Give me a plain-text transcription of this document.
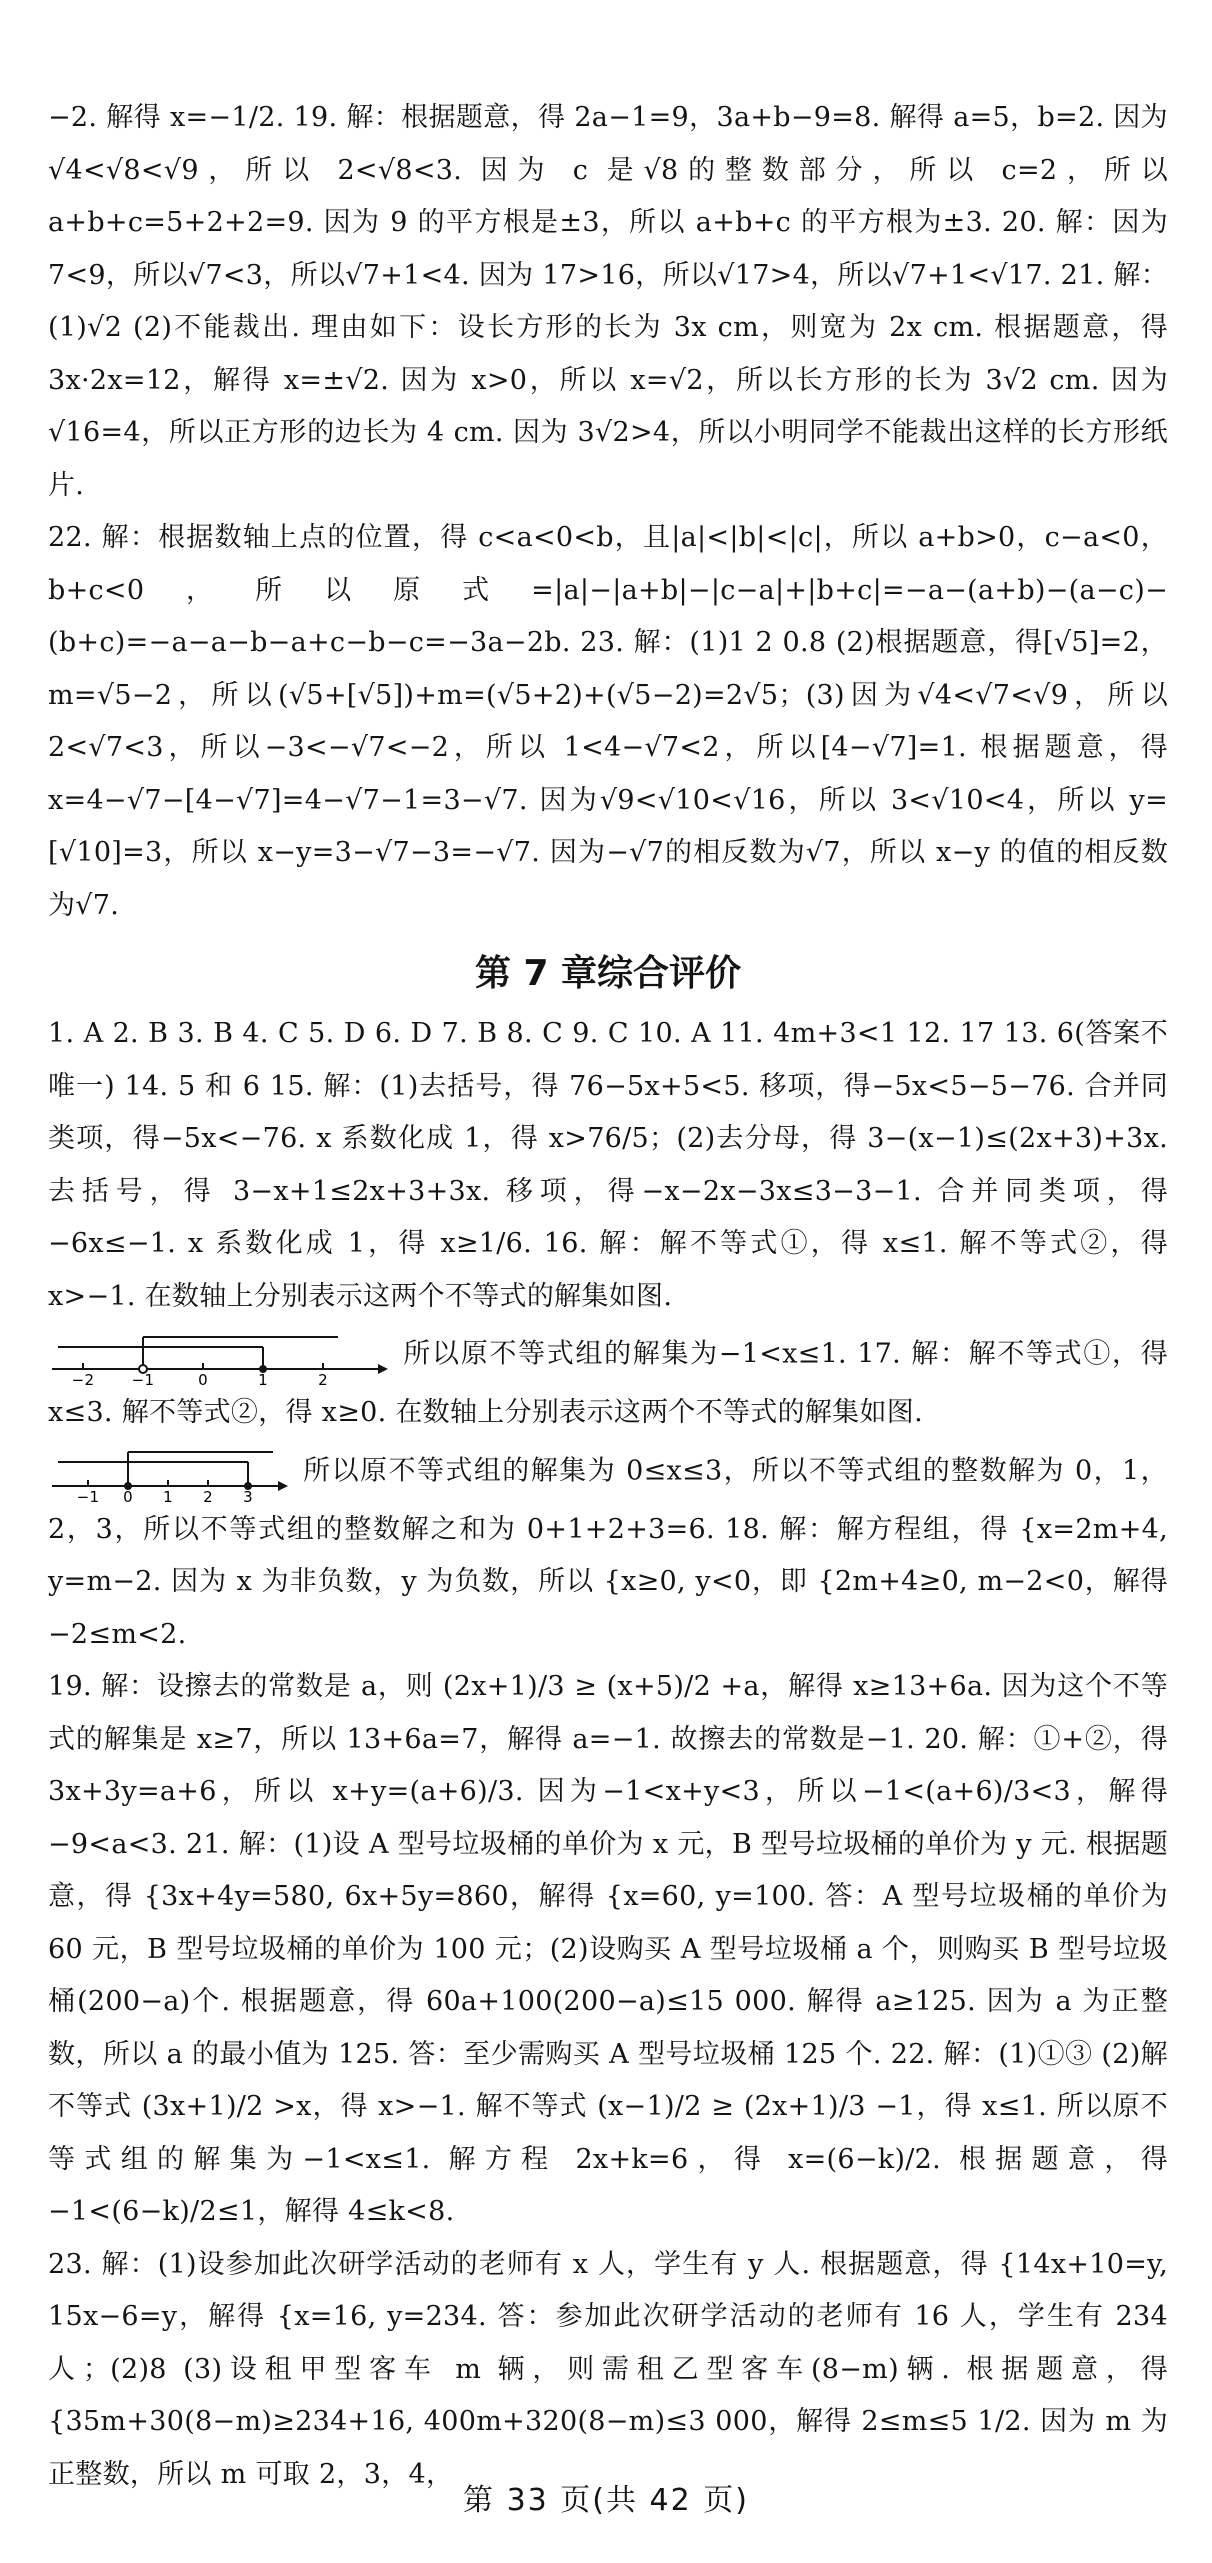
−2. 解得 x=−1/2. 19. 解：根据题意，得 2a−1=9，3a+b−9=8. 解得 a=5，b=2. 因为√4<√8<√9，所以 2<√8<3. 因为 c 是√8的整数部分，所以 c=2，所以 a+b+c=5+2+2=9. 因为 9 的平方根是±3，所以 a+b+c 的平方根为±3. 20. 解：因为 7<9，所以√7<3，所以√7+1<4. 因为 17>16，所以√17>4，所以√7+1<√17. 21. 解：(1)√2 (2)不能裁出. 理由如下：设长方形的长为 3x cm，则宽为 2x cm. 根据题意，得 3x·2x=12，解得 x=±√2. 因为 x>0，所以 x=√2，所以长方形的长为 3√2 cm. 因为√16=4，所以正方形的边长为 4 cm. 因为 3√2>4，所以小明同学不能裁出这样的长方形纸片.

22. 解：根据数轴上点的位置，得 c<a<0<b，且|a|<|b|<|c|，所以 a+b>0，c−a<0，b+c<0，所以原式=|a|−|a+b|−|c−a|+|b+c|=−a−(a+b)−(a−c)−(b+c)=−a−a−b−a+c−b−c=−3a−2b. 23. 解：(1)1 2 0.8 (2)根据题意，得[√5]=2，m=√5−2，所以(√5+[√5])+m=(√5+2)+(√5−2)=2√5；(3)因为√4<√7<√9，所以 2<√7<3，所以−3<−√7<−2，所以 1<4−√7<2，所以[4−√7]=1. 根据题意，得 x=4−√7−[4−√7]=4−√7−1=3−√7. 因为√9<√10<√16，所以 3<√10<4，所以 y=[√10]=3，所以 x−y=3−√7−3=−√7. 因为−√7的相反数为√7，所以 x−y 的值的相反数为√7.

第 7 章综合评价

1. A 2. B 3. B 4. C 5. D 6. D 7. B 8. C 9. C 10. A 11. 4m+3<1 12. 17 13. 6(答案不唯一) 14. 5 和 6 15. 解：(1)去括号，得 76−5x+5<5. 移项，得−5x<5−5−76. 合并同类项，得−5x<−76. x 系数化成 1，得 x>76/5；(2)去分母，得 3−(x−1)≤(2x+3)+3x. 去括号，得 3−x+1≤2x+3+3x. 移项，得−x−2x−3x≤3−3−1. 合并同类项，得−6x≤−1. x 系数化成 1，得 x≥1/6. 16. 解：解不等式①，得 x≤1. 解不等式②，得 x>−1. 在数轴上分别表示这两个不等式的解集如图.

−2 −1	0	1	2
所以原不等式组的解集为−1<x≤1. 17. 解：解不等式①，得 x≤3. 解不等式②，得 x≥0. 在数轴上分别表示这两个不等式的解集如图.

−1 0 1 2 3
所以原不等式组的解集为 0≤x≤3，所以不等式组的整数解为 0，1，2，3，所以不等式组的整数解之和为 0+1+2+3=6. 18. 解：解方程组，得 {x=2m+4, y=m−2. 因为 x 为非负数，y 为负数，所以 {x≥0, y<0，即 {2m+4≥0, m−2<0，解得−2≤m<2.

19. 解：设擦去的常数是 a，则 (2x+1)/3 ≥ (x+5)/2 +a，解得 x≥13+6a. 因为这个不等式的解集是 x≥7，所以 13+6a=7，解得 a=−1. 故擦去的常数是−1. 20. 解：①+②，得 3x+3y=a+6，所以 x+y=(a+6)/3. 因为−1<x+y<3，所以−1<(a+6)/3<3，解得−9<a<3. 21. 解：(1)设 A 型号垃圾桶的单价为 x 元，B 型号垃圾桶的单价为 y 元. 根据题意，得 {3x+4y=580, 6x+5y=860，解得 {x=60, y=100. 答：A 型号垃圾桶的单价为 60 元，B 型号垃圾桶的单价为 100 元；(2)设购买 A 型号垃圾桶 a 个，则购买 B 型号垃圾桶(200−a)个. 根据题意，得 60a+100(200−a)≤15 000. 解得 a≥125. 因为 a 为正整数，所以 a 的最小值为 125. 答：至少需购买 A 型号垃圾桶 125 个. 22. 解：(1)①③ (2)解不等式 (3x+1)/2 >x，得 x>−1. 解不等式 (x−1)/2 ≥ (2x+1)/3 −1，得 x≤1. 所以原不等式组的解集为−1<x≤1. 解方程 2x+k=6，得 x=(6−k)/2. 根据题意，得−1<(6−k)/2≤1，解得 4≤k<8.

23. 解：(1)设参加此次研学活动的老师有 x 人，学生有 y 人. 根据题意，得 {14x+10=y, 15x−6=y，解得 {x=16, y=234. 答：参加此次研学活动的老师有 16 人，学生有 234 人；(2)8 (3)设租甲型客车 m 辆，则需租乙型客车(8−m)辆. 根据题意，得 {35m+30(8−m)≥234+16, 400m+320(8−m)≤3 000，解得 2≤m≤5 1/2. 因为 m 为正整数，所以 m 可取 2，3，4，

第 33 页(共 42 页)
